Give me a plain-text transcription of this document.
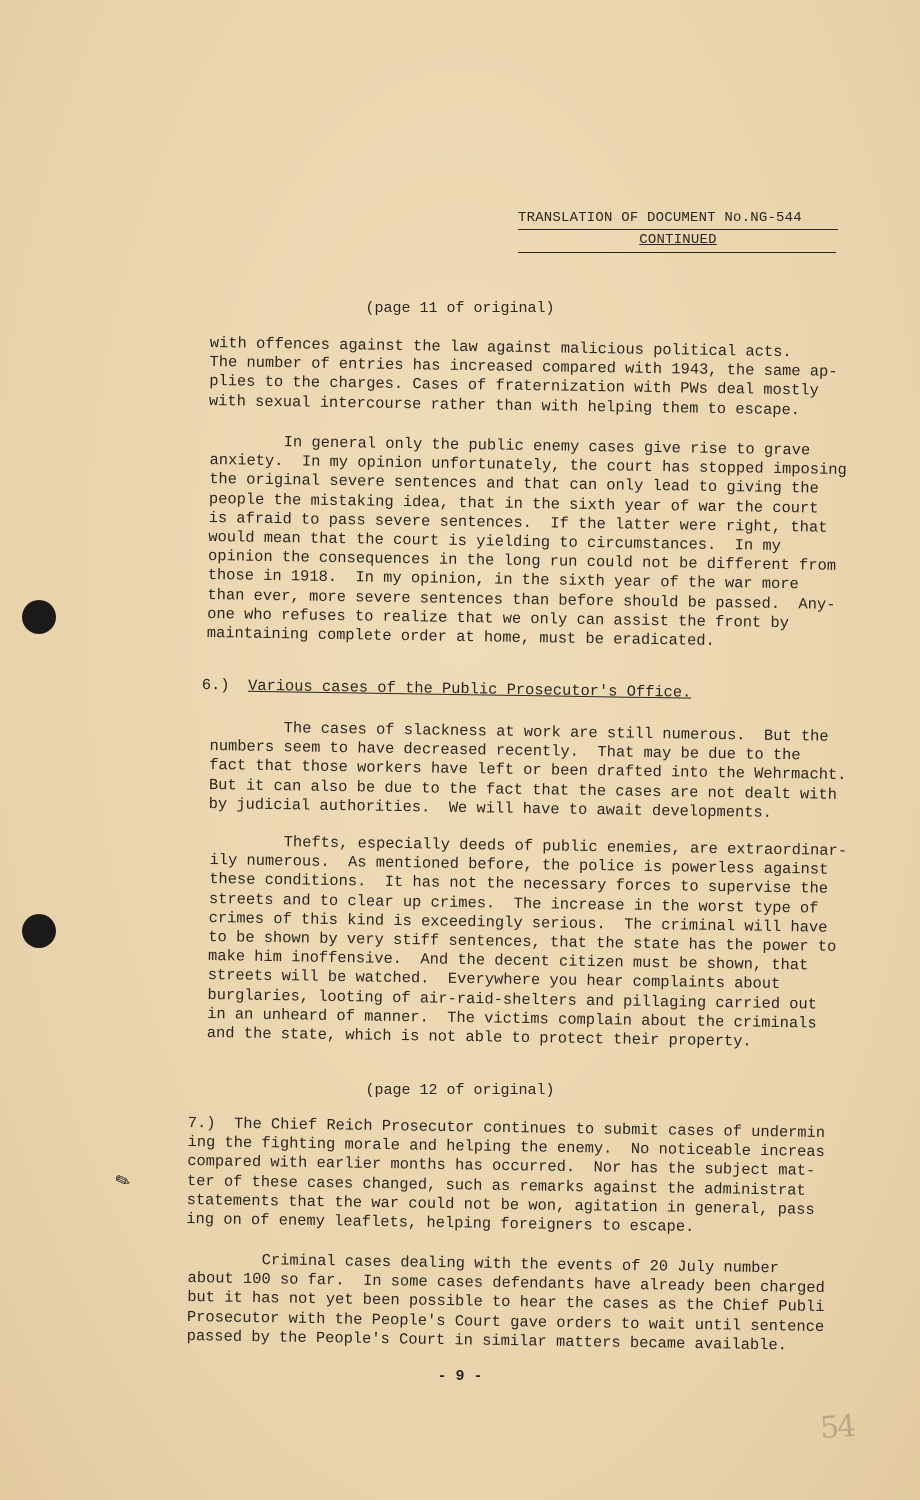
TRANSLATION OF DOCUMENT No.NG-544
CONTINUED
(page 11 of original)
with offences against the law against malicious political acts.
The number of entries has increased compared with 1943, the same ap-
plies to the charges. Cases of fraternization with PWs deal mostly
with sexual intercourse rather than with helping them to escape.
In general only the public enemy cases give rise to grave
anxiety.  In my opinion unfortunately, the court has stopped imposing
the original severe sentences and that can only lead to giving the
people the mistaking idea, that in the sixth year of war the court
is afraid to pass severe sentences.  If the latter were right, that
would mean that the court is yielding to circumstances.  In my
opinion the consequences in the long run could not be different from
those in 1918.  In my opinion, in the sixth year of the war more
than ever, more severe sentences than before should be passed.  Any-
one who refuses to realize that we only can assist the front by
maintaining complete order at home, must be eradicated.
6.) Various cases of the Public Prosecutor's Office.
The cases of slackness at work are still numerous.  But the
numbers seem to have decreased recently.  That may be due to the
fact that those workers have left or been drafted into the Wehrmacht.
But it can also be due to the fact that the cases are not dealt with
by judicial authorities.  We will have to await developments.
Thefts, especially deeds of public enemies, are extraordinar-
ily numerous.  As mentioned before, the police is powerless against
these conditions.  It has not the necessary forces to supervise the
streets and to clear up crimes.  The increase in the worst type of
crimes of this kind is exceedingly serious.  The criminal will have
to be shown by very stiff sentences, that the state has the power to
make him inoffensive.  And the decent citizen must be shown, that
streets will be watched.  Everywhere you hear complaints about
burglaries, looting of air-raid-shelters and pillaging carried out
in an unheard of manner.  The victims complain about the criminals
and the state, which is not able to protect their property.
(page 12 of original)
7.)  The Chief Reich Prosecutor continues to submit cases of undermin
ing the fighting morale and helping the enemy.  No noticeable increas
compared with earlier months has occurred.  Nor has the subject mat-
ter of these cases changed, such as remarks against the administrat
statements that the war could not be won, agitation in general, pass
ing on of enemy leaflets, helping foreigners to escape.
Criminal cases dealing with the events of 20 July number
about 100 so far.  In some cases defendants have already been charged
but it has not yet been possible to hear the cases as the Chief Publi
Prosecutor with the People's Court gave orders to wait until sentence
passed by the People's Court in similar matters became available.
✎
- 9 -
54
